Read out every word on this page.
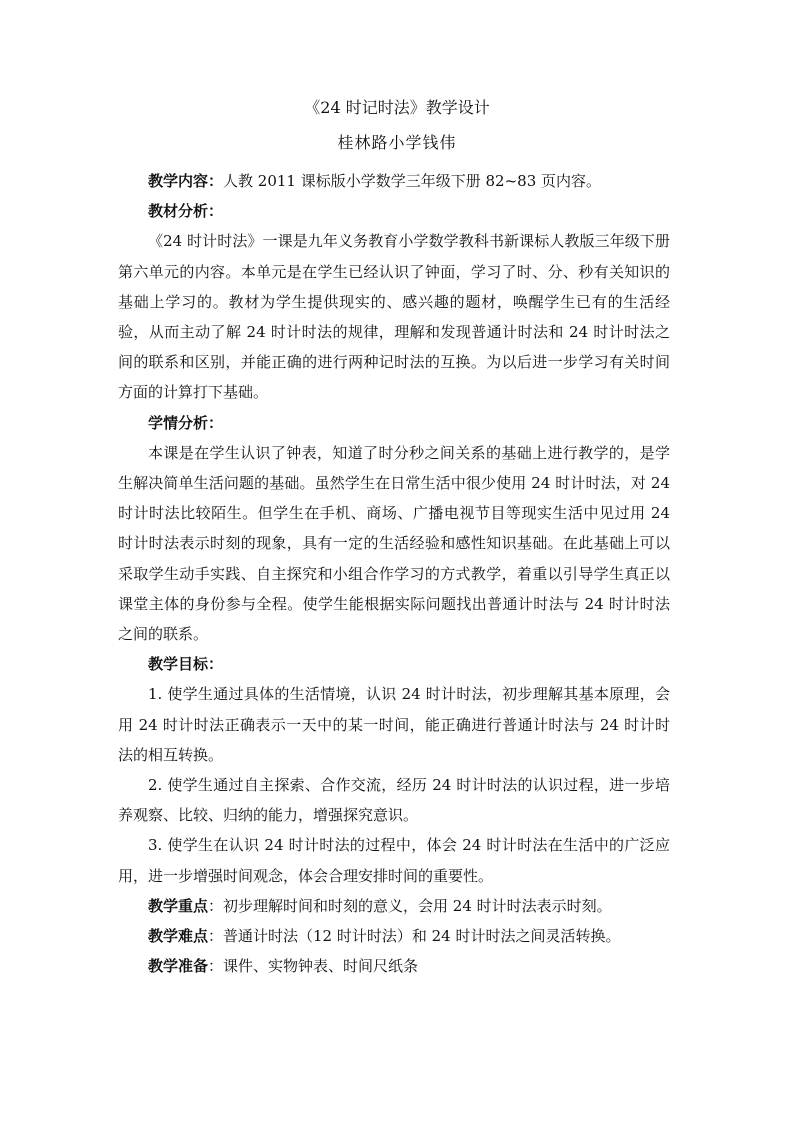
《24 时记时法》教学设计
桂林路小学钱伟

教学内容：人教 2011 课标版小学数学三年级下册 82~83 页内容。

教材分析：

《24 时计时法》一课是九年义务教育小学数学教科书新课标人教版三年级下册第六单元的内容。本单元是在学生已经认识了钟面，学习了时、分、秒有关知识的基础上学习的。教材为学生提供现实的、感兴趣的题材，唤醒学生已有的生活经验，从而主动了解 24 时计时法的规律，理解和发现普通计时法和 24 时计时法之间的联系和区别，并能正确的进行两种记时法的互换。为以后进一步学习有关时间方面的计算打下基础。

学情分析：

本课是在学生认识了钟表，知道了时分秒之间关系的基础上进行教学的，是学生解决简单生活问题的基础。虽然学生在日常生活中很少使用 24 时计时法，对 24 时计时法比较陌生。但学生在手机、商场、广播电视节目等现实生活中见过用 24 时计时法表示时刻的现象，具有一定的生活经验和感性知识基础。在此基础上可以采取学生动手实践、自主探究和小组合作学习的方式教学，着重以引导学生真正以课堂主体的身份参与全程。使学生能根据实际问题找出普通计时法与 24 时计时法之间的联系。

教学目标：

1. 使学生通过具体的生活情境，认识 24 时计时法，初步理解其基本原理，会用 24 时计时法正确表示一天中的某一时间，能正确进行普通计时法与 24 时计时法的相互转换。

2. 使学生通过自主探索、合作交流，经历 24 时计时法的认识过程，进一步培养观察、比较、归纳的能力，增强探究意识。

3. 使学生在认识 24 时计时法的过程中，体会 24 时计时法在生活中的广泛应用，进一步增强时间观念，体会合理安排时间的重要性。

教学重点：初步理解时间和时刻的意义，会用 24 时计时法表示时刻。

教学难点：普通计时法（12 时计时法）和 24 时计时法之间灵活转换。

教学准备：课件、实物钟表、时间尺纸条
